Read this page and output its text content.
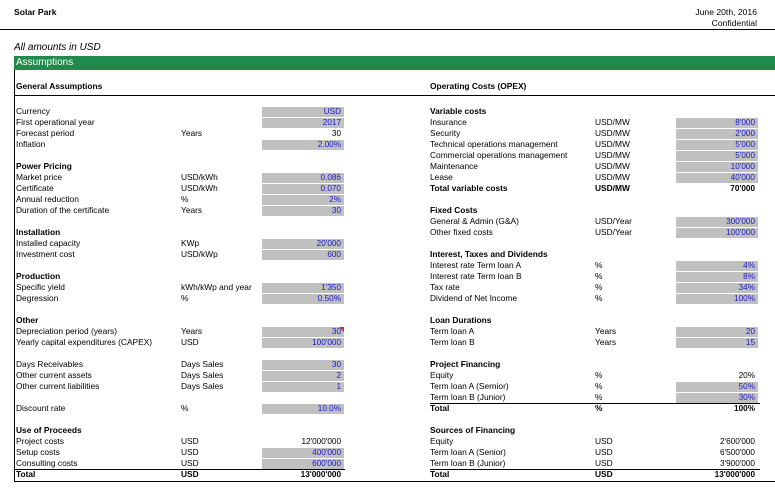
Solar Park	June 20th, 2016
Confidential
All amounts in USD
Assumptions
General Assumptions	Operating Costs (OPEX)
Currency	USD
First operational year	2017
Forecast period	Years	30
Inflation	2.00%
Power Pricing
Market price	USD/kWh	0.086
Certificate	USD/kWh	0.070
Annual reduction	%	2%
Duration of the certificate	Years	30
Installation
Installed capacity	KWp	20'000
Investment cost	USD/kWp	600
Production
Specific yield	kWh/kWp and year	1'350
Degression	%	0.50%
Other
Depreciation period (years)	Years	30
Yearly capital expenditures (CAPEX)	USD	100'000
Days Receivables	Days Sales	30
Other current assets	Days Sales	2
Other current liabilities	Days Sales	1
Discount rate	%	10.0%
Use of Proceeds
Project costs	USD	12'000'000
Setup costs	USD	400'000
Consulting costs	USD	600'000
Total	USD	13'000'000
Variable costs
Insurance	USD/MW	8'000
Security	USD/MW	2'000
Technical operations management	USD/MW	5'000
Commercial operations management	USD/MW	5'000
Maintenance	USD/MW	10'000
Lease	USD/MW	40'000
Total variable costs	USD/MW	70'000
Fixed Costs
General & Admin (G&A)	USD/Year	300'000
Other fixed costs	USD/Year	100'000
Interest, Taxes and Dividends
Interest rate Term loan A	%	4%
Interest rate Term loan B	%	8%
Tax rate	%	34%
Dividend of Net Income	%	100%
Loan Durations
Term loan A	Years	20
Term loan B	Years	15
Project Financing
Equity	%	20%
Term loan A (Sernior)	%	50%
Term loan B (Junior)	%	30%
Total	%	100%
Sources of Financing
Equity	USD	2'600'000
Term loan A (Senior)	USD	6'500'000
Term loan B (Junior)	USD	3'900'000
Total	USD	13'000'000
